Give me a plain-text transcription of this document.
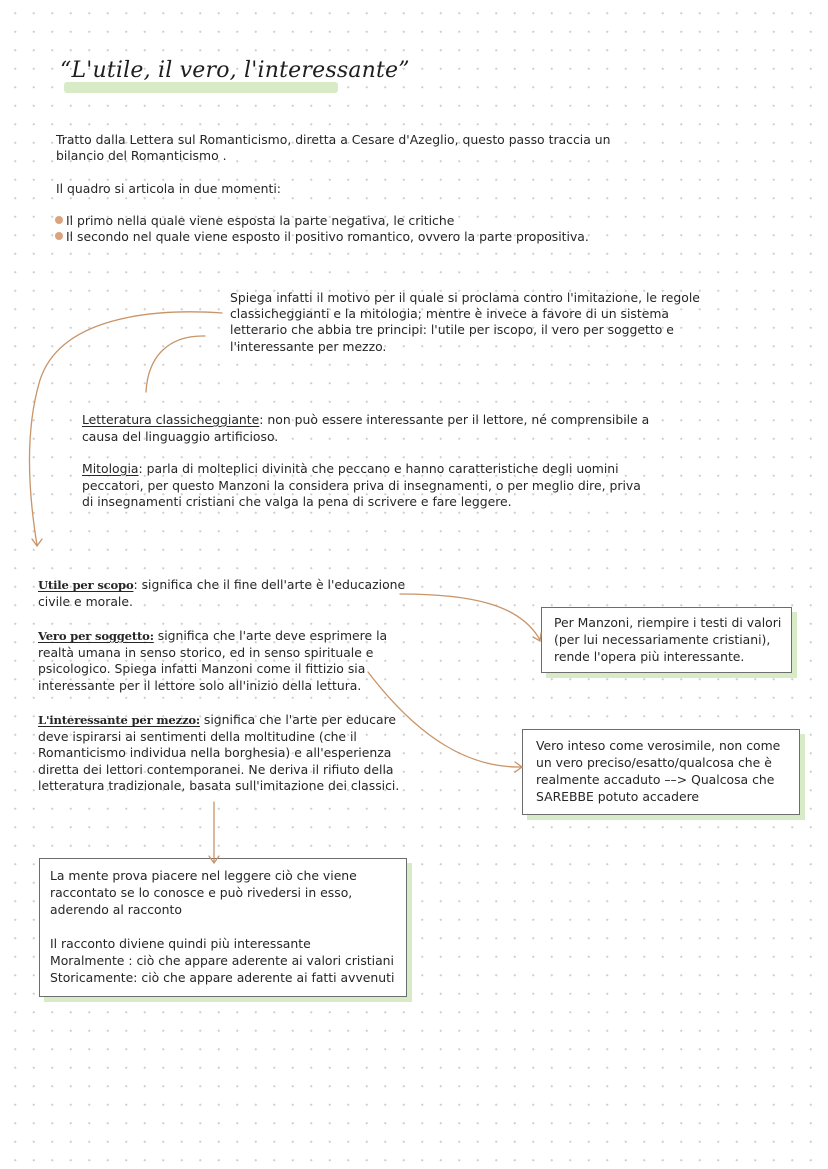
“L'utile, il vero, l'interessante”
Tratto dalla Lettera sul Romanticismo, diretta a Cesare d'Azeglio, questo passo traccia un
bilancio del Romanticismo .
Il quadro si articola in due momenti:
Il primo nella quale viene esposta la parte negativa, le critiche
Il secondo nel quale viene esposto il positivo romantico, ovvero la parte propositiva.
Spiega infatti il motivo per il quale si proclama contro l'imitazione, le regole
classicheggianti e la mitologia; mentre è invece a favore di un sistema
letterario che abbia tre principi: l'utile per iscopo, il vero per soggetto e
l'interessante per mezzo.
Letteratura classicheggiante: non può essere interessante per il lettore, né comprensibile a
causa del linguaggio artificioso.
Mitologia: parla di molteplici divinità che peccano e hanno caratteristiche degli uomini
peccatori, per questo Manzoni la considera priva di insegnamenti, o per meglio dire, priva
di insegnamenti cristiani che valga la pena di scrivere e fare leggere.
Utile per scopo: significa che il fine dell'arte è l'educazione
civile e morale.
Vero per soggetto: significa che l'arte deve esprimere la
realtà umana in senso storico, ed in senso spirituale e
psicologico. Spiega infatti Manzoni come il fittizio sia
interessante per il lettore solo all'inizio della lettura.
L'interessante per mezzo: significa che l'arte per educare
deve ispirarsi ai sentimenti della moltitudine (che il
Romanticismo individua nella borghesia) e all'esperienza
diretta dei lettori contemporanei. Ne deriva il rifiuto della
letteratura tradizionale, basata sull'imitazione dei classici.
Per Manzoni, riempire i testi di valori
(per lui necessariamente cristiani),
rende l'opera più interessante.
Vero inteso come verosimile, non come
un vero preciso/esatto/qualcosa che è
realmente accaduto ––> Qualcosa che
SAREBBE potuto accadere
La mente prova piacere nel leggere ciò che viene
raccontato se lo conosce e può rivedersi in esso,
aderendo al racconto
Il racconto diviene quindi più interessante
Moralmente : ciò che appare aderente ai valori cristiani
Storicamente: ciò che appare aderente ai fatti avvenuti
